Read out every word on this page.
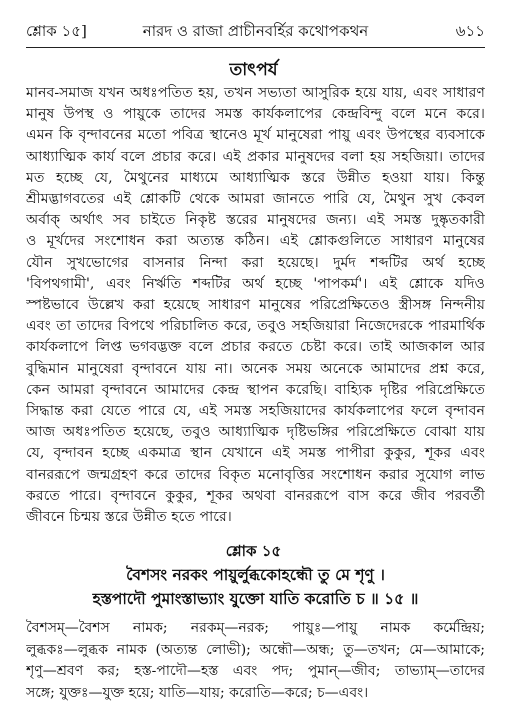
শ্লোক ১৫]	নারদ ও রাজা প্রাচীনবর্হির কথোপকথন	৬১১
তাৎপর্য
মানব-সমাজ যখন অধঃপতিত হয়, তখন সভ্যতা আসুরিক হয়ে যায়, এবং সাধারণ
মানুষ উপস্থ ও পায়ুকে তাদের সমস্ত কার্যকলাপের কেন্দ্রবিন্দু বলে মনে করে।
এমন কি বৃন্দাবনের মতো পবিত্র স্থানেও মূর্খ মানুষেরা পায়ু এবং উপস্থের ব্যবসাকে
আধ্যাত্মিক কার্য বলে প্রচার করে। এই প্রকার মানুষদের বলা হয় সহজিয়া। তাদের
মত হচ্ছে যে, মৈথুনের মাধ্যমে আধ্যাত্মিক স্তরে উন্নীত হওয়া যায়। কিন্তু
শ্রীমদ্ভাগবতের এই শ্লোকটি থেকে আমরা জানতে পারি যে, মৈথুন সুখ কেবল
অর্বাক্ অর্থাৎ সব চাইতে নিকৃষ্ট স্তরের মানুষদের জন্য। এই সমস্ত দুষ্কৃতকারী
ও মূর্খদের সংশোধন করা অত্যন্ত কঠিন। এই শ্লোকগুলিতে সাধারণ মানুষের
যৌন সুখভোগের বাসনার নিন্দা করা হয়েছে। দুর্মদ শব্দটির অর্থ হচ্ছে
'বিপথগামী', এবং নির্ঋতি শব্দটির অর্থ হচ্ছে 'পাপকর্ম'। এই শ্লোকে যদিও
স্পষ্টভাবে উল্লেখ করা হয়েছে সাধারণ মানুষের পরিপ্রেক্ষিতেও স্ত্রীসঙ্গ নিন্দনীয়
এবং তা তাদের বিপথে পরিচালিত করে, তবুও সহজিয়ারা নিজেদেরকে পারমার্থিক
কার্যকলাপে লিপ্ত ভগবদ্ভক্ত বলে প্রচার করতে চেষ্টা করে। তাই আজকাল আর
বুদ্ধিমান মানুষেরা বৃন্দাবনে যায় না। অনেক সময় অনেকে আমাদের প্রশ্ন করে,
কেন আমরা বৃন্দাবনে আমাদের কেন্দ্র স্থাপন করেছি। বাহ্যিক দৃষ্টির পরিপ্রেক্ষিতে
সিদ্ধান্ত করা যেতে পারে যে, এই সমস্ত সহজিয়াদের কার্যকলাপের ফলে বৃন্দাবন
আজ অধঃপতিত হয়েছে, তবুও আধ্যাত্মিক দৃষ্টিভঙ্গির পরিপ্রেক্ষিতে বোঝা যায়
যে, বৃন্দাবন হচ্ছে একমাত্র স্থান যেখানে এই সমস্ত পাপীরা কুকুর, শূকর এবং
বানররূপে জন্মগ্রহণ করে তাদের বিকৃত মনোবৃত্তির সংশোধন করার সুযোগ লাভ
করতে পারে। বৃন্দাবনে কুকুর, শূকর অথবা বানররূপে বাস করে জীব পরবর্তী
জীবনে চিন্ময় স্তরে উন্নীত হতে পারে।
শ্লোক ১৫
বৈশসং নরকং পায়ুর্লুব্ধকোহন্ধৌ তু মে শৃণু ।
হস্তপাদৌ পুমাংস্তাভ্যাং যুক্তো যাতি করোতি চ ॥ ১৫ ॥
বৈশসম্—বৈশস নামক; নরকম্—নরক; পায়ুঃ—পায়ু নামক কর্মেন্দ্রিয়;
লুব্ধকঃ—লুব্ধক নামক (অত্যন্ত লোভী); অন্ধৌ—অন্ধ; তু—তখন; মে—আমাকে;
শৃণু—শ্রবণ কর; হস্ত-পাদৌ—হস্ত এবং পদ; পুমান্—জীব; তাভ্যাম্—তাদের
সঙ্গে; যুক্তঃ—যুক্ত হয়ে; যাতি—যায়; করোতি—করে; চ—এবং।
